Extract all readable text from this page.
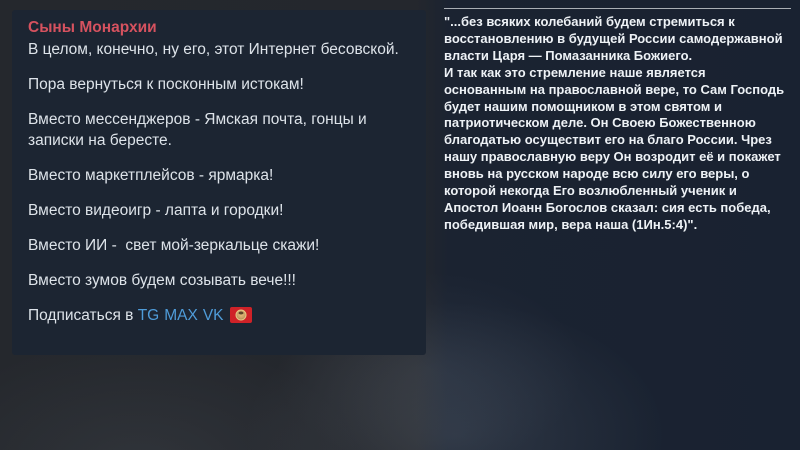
Сыны Монархии

В целом, конечно, ну его, этот Интернет бесовской.

Пора вернуться к посконным истокам!

Вместо мессенджеров - Ямская почта, гонцы и записки на бересте.

Вместо маркетплейсов - ярмарка!

Вместо видеоигр - лапта и городки!

Вместо ИИ -  свет мой-зеркальце скажи!

Вместо зумов будем созывать вече!!!

Подписаться в TG MAX VK

"...без всяких колебаний будем стремиться к восстановлению в будущей России самодержавной власти Царя — Помазанника Божиего.

И так как это стремление наше является основанным на православной вере, то Сам Господь будет нашим помощником в этом святом и патриотическом деле. Он Своею Божественною благодатью осуществит его на благо России. Чрез нашу православную веру Он возродит её и покажет вновь на русском народе всю силу его веры, о которой некогда Его возлюбленный ученик и Апостол Иоанн Богослов сказал: сия есть победа, победившая мир, вера наша (1Ин.5:4)".
